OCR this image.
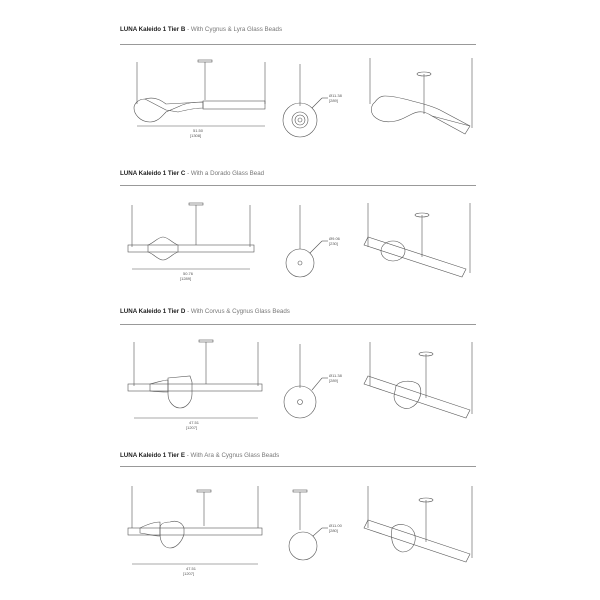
LUNA Kaleido 1 Tier B - With Cygnus & Lyra Glass Beads
51.50
[1308]
Ø11.38
[289]
LUNA Kaleido 1 Tier C - With a Dorado Glass Bead
50.76
[1289]
Ø9.06
[230]
LUNA Kaleido 1 Tier D - With Corvus & Cygnus Glass Beads
47.51
[1207]
Ø11.38
[289]
LUNA Kaleido 1 Tier E - With Ara & Cygnus Glass Beads
47.51
[1207]
Ø11.00
[280]
